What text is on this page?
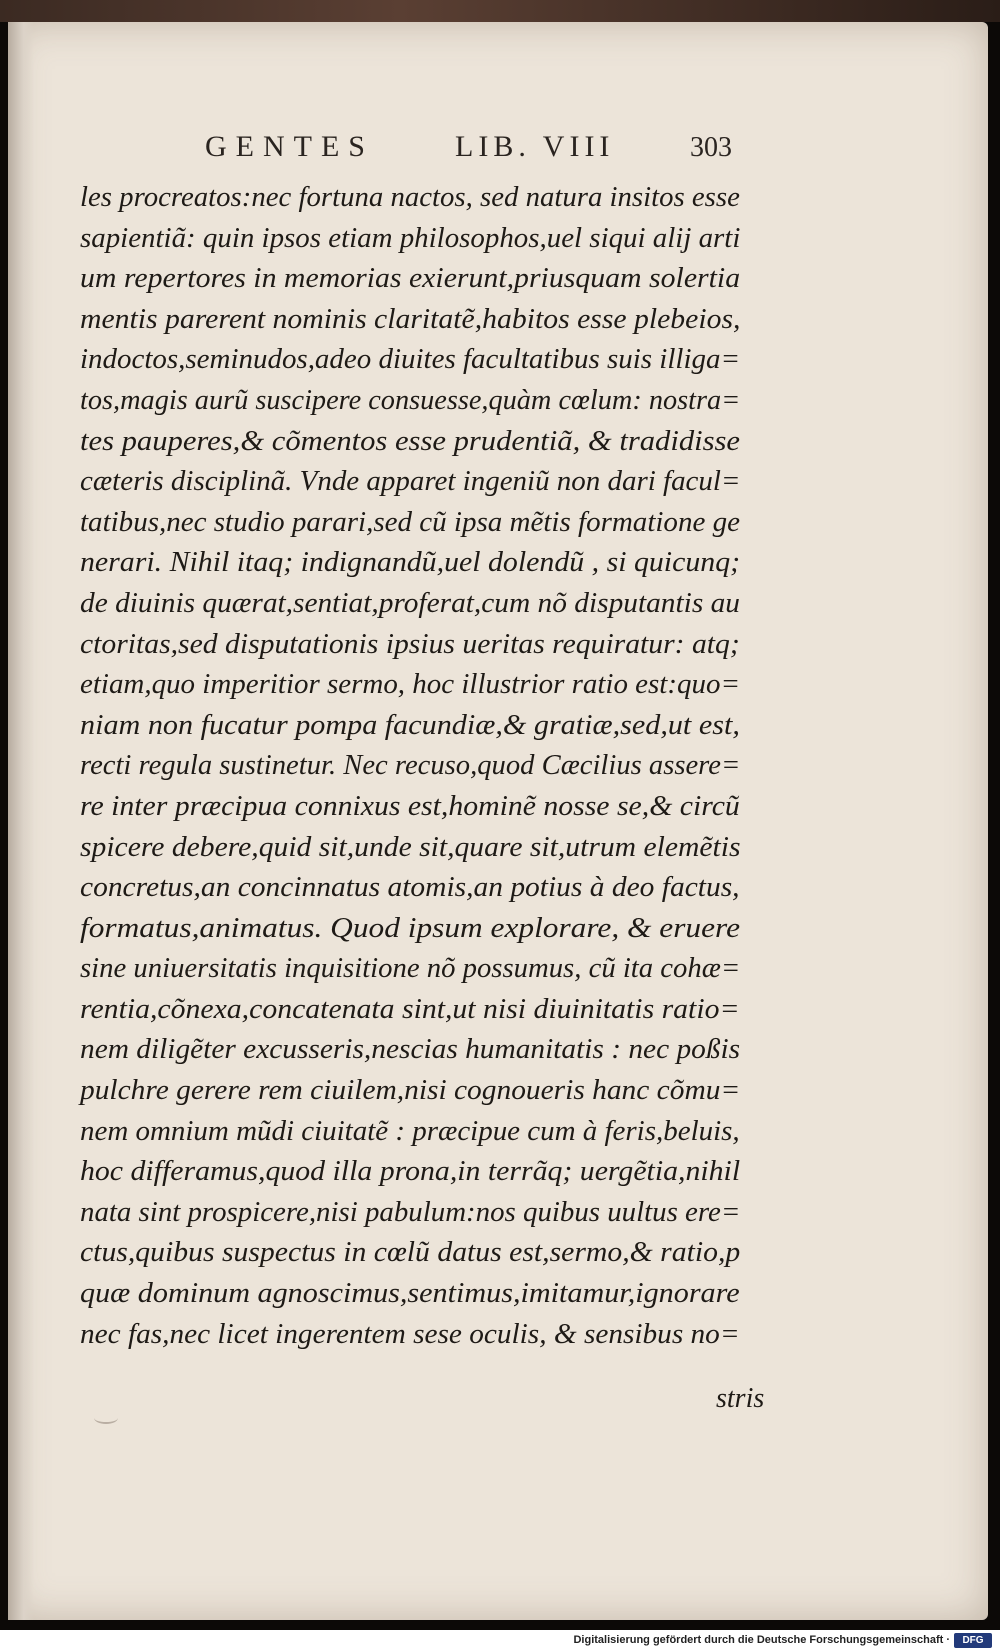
GENTES	LIB. VIII	303
les procreatos:nec fortuna nactos, sed natura insitos esse
sapientiã: quin ipsos etiam philosophos,uel siqui alij arti
um repertores in memorias exierunt,priusquam solertia
mentis parerent nominis claritatẽ,habitos esse plebeios,
indoctos,seminudos,adeo diuites facultatibus suis illiga=
tos,magis aurũ suscipere consuesse,quàm cœlum: nostra=
tes pauperes,& cõmentos esse prudentiã, & tradidisse
cæteris disciplinã. Vnde apparet ingeniũ non dari facul=
tatibus,nec studio parari,sed cũ ipsa mẽtis formatione ge
nerari. Nihil itaq; indignandũ,uel dolendũ , si quicunq;
de diuinis quærat,sentiat,proferat,cum nõ disputantis au
ctoritas,sed disputationis ipsius ueritas requiratur: atq;
etiam,quo imperitior sermo, hoc illustrior ratio est:quo=
niam non fucatur pompa facundiæ,& gratiæ,sed,ut est,
recti regula sustinetur. Nec recuso,quod Cæcilius assere=
re inter præcipua connixus est,hominẽ nosse se,& circũ
spicere debere,quid sit,unde sit,quare sit,utrum elemẽtis
concretus,an concinnatus atomis,an potius à deo factus,
formatus,animatus. Quod ipsum explorare, & eruere
sine uniuersitatis inquisitione nõ possumus, cũ ita cohæ=
rentia,cõnexa,concatenata sint,ut nisi diuinitatis ratio=
nem diligẽter excusseris,nescias humanitatis : nec poßis
pulchre gerere rem ciuilem,nisi cognoueris hanc cõmu=
nem omnium mũdi ciuitatẽ : præcipue cum à feris,beluis,
hoc differamus,quod illa prona,in terrãq; uergẽtia,nihil
nata sint prospicere,nisi pabulum:nos quibus uultus ere=
ctus,quibus suspectus in cœlũ datus est,sermo,& ratio,p
quæ dominum agnoscimus,sentimus,imitamur,ignorare
nec fas,nec licet ingerentem sese oculis, & sensibus no=
stris
Digitalisierung gefördert durch die Deutsche Forschungsgemeinschaft ·	DFG
